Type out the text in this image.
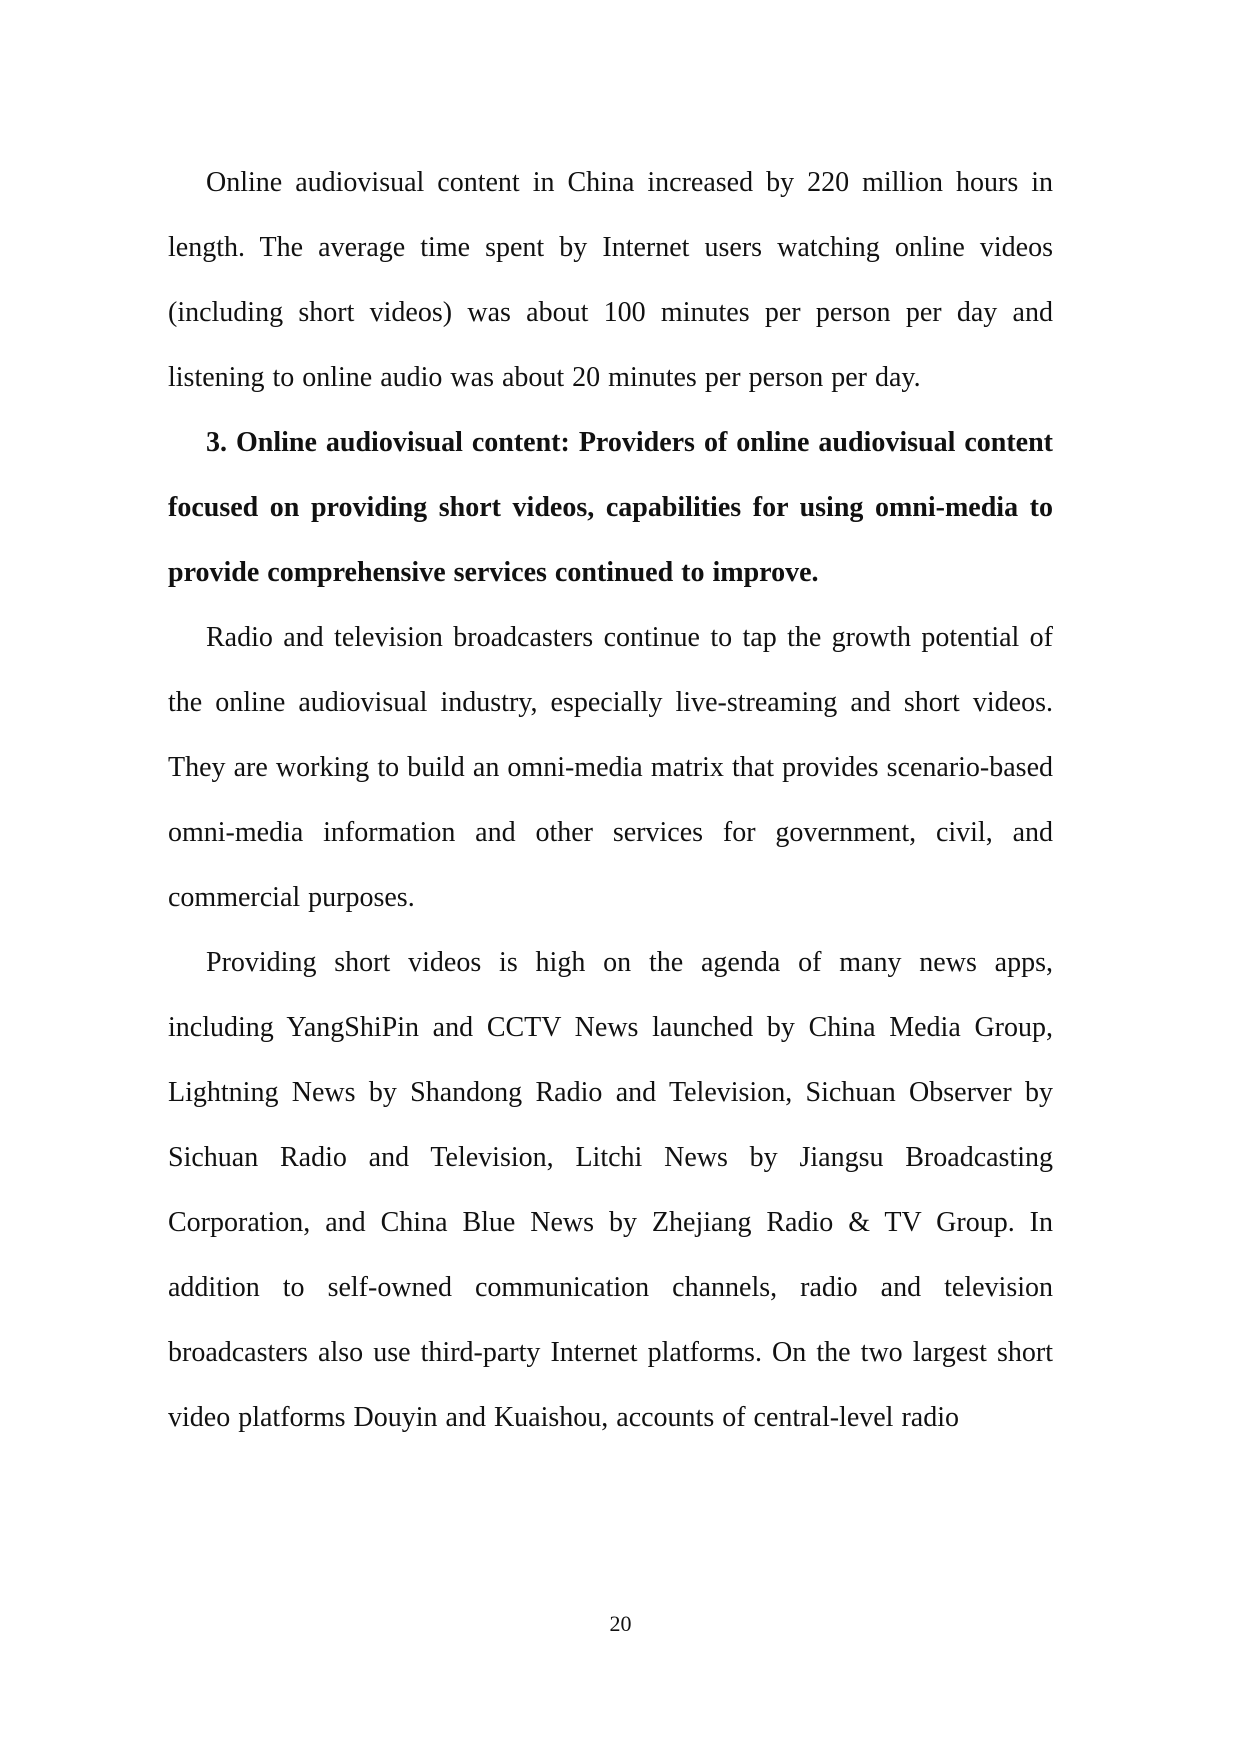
Online audiovisual content in China increased by 220 million hours in length. The average time spent by Internet users watching online videos (including short videos) was about 100 minutes per person per day and listening to online audio was about 20 minutes per person per day.

3. Online audiovisual content: Providers of online audiovisual content focused on providing short videos, capabilities for using omni-media to provide comprehensive services continued to improve.

Radio and television broadcasters continue to tap the growth potential of the online audiovisual industry, especially live-streaming and short videos. They are working to build an omni-media matrix that provides scenario-based omni-media information and other services for government, civil, and commercial purposes.

Providing short videos is high on the agenda of many news apps, including YangShiPin and CCTV News launched by China Media Group, Lightning News by Shandong Radio and Television, Sichuan Observer by Sichuan Radio and Television, Litchi News by Jiangsu Broadcasting Corporation, and China Blue News by Zhejiang Radio & TV Group. In addition to self-owned communication channels, radio and television broadcasters also use third-party Internet platforms. On the two largest short video platforms Douyin and Kuaishou, accounts of central-level radio

20
